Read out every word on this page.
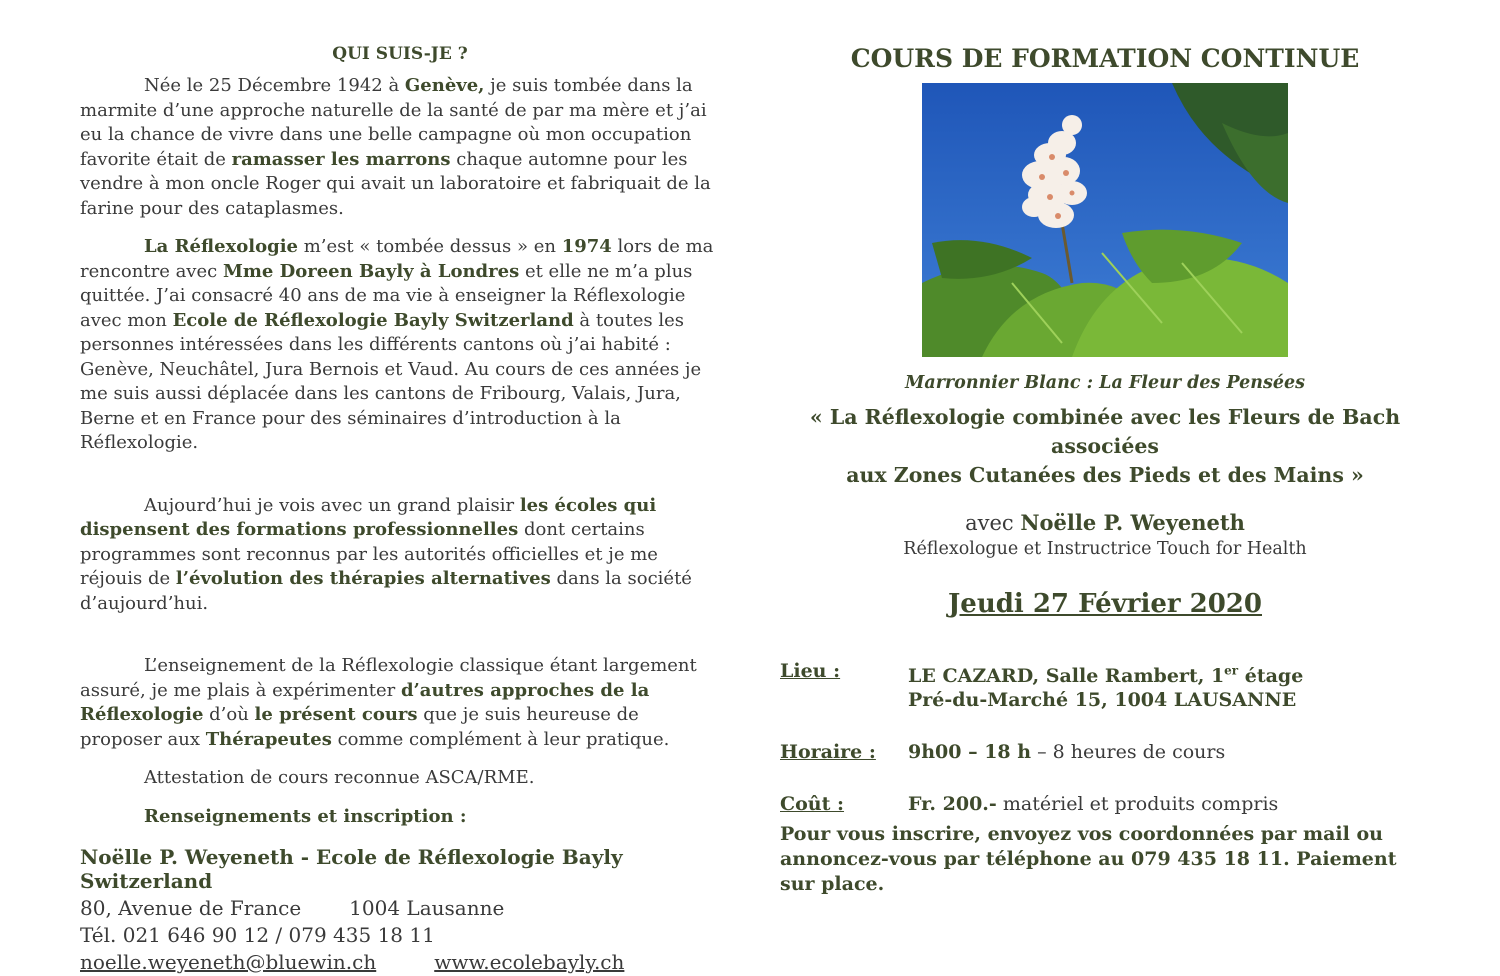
QUI SUIS-JE ?
Née le 25 Décembre 1942 à Genève, je suis tombée dans la marmite d’une approche naturelle de la santé de par ma mère et j’ai eu la chance de vivre dans une belle campagne où mon occupation favorite était de ramasser les marrons chaque automne pour les vendre à mon oncle Roger qui avait un laboratoire et fabriquait de la farine pour des cataplasmes.
La Réflexologie m’est « tombée dessus » en 1974 lors de ma rencontre avec Mme Doreen Bayly à Londres et elle ne m’a plus quittée. J’ai consacré 40 ans de ma vie à enseigner la Réflexologie avec mon Ecole de Réflexologie Bayly Switzerland à toutes les personnes intéressées dans les différents cantons où j’ai habité : Genève, Neuchâtel, Jura Bernois et Vaud. Au cours de ces années je me suis aussi déplacée dans les cantons de Fribourg, Valais, Jura, Berne et en France pour des séminaires d’introduction à la Réflexologie.
Aujourd’hui je vois avec un grand plaisir les écoles qui dispensent des formations professionnelles dont certains programmes sont reconnus par les autorités officielles et je me réjouis de l’évolution des thérapies alternatives dans la société d’aujourd’hui.
L’enseignement de la Réflexologie classique étant largement assuré, je me plais à expérimenter d’autres approches de la Réflexologie d’où le présent cours que je suis heureuse de proposer aux Thérapeutes comme complément à leur pratique.
Attestation de cours reconnue ASCA/RME.
Renseignements et inscription :
Noëlle P. Weyeneth - Ecole de Réflexologie Bayly Switzerland
80, Avenue de France 1004 Lausanne
Tél. 021 646 90 12 / 079 435 18 11
noelle.weyeneth@bluewin.ch	www.ecolebayly.ch
COURS DE FORMATION CONTINUE
Marronnier Blanc : La Fleur des Pensées
« La Réflexologie combinée avec les Fleurs de Bach associées
aux Zones Cutanées des Pieds et des Mains »
avec Noëlle P. Weyeneth
Réflexologue et Instructrice Touch for Health
Jeudi 27 Février 2020
Lieu :	LE CAZARD, Salle Rambert, 1er étage
Pré-du-Marché 15, 1004 LAUSANNE
Horaire :	9h00 – 18 h – 8 heures de cours
Coût :	Fr. 200.- matériel et produits compris
Pour vous inscrire, envoyez vos coordonnées par mail ou annoncez-vous par téléphone au 079 435 18 11. Paiement sur place.
